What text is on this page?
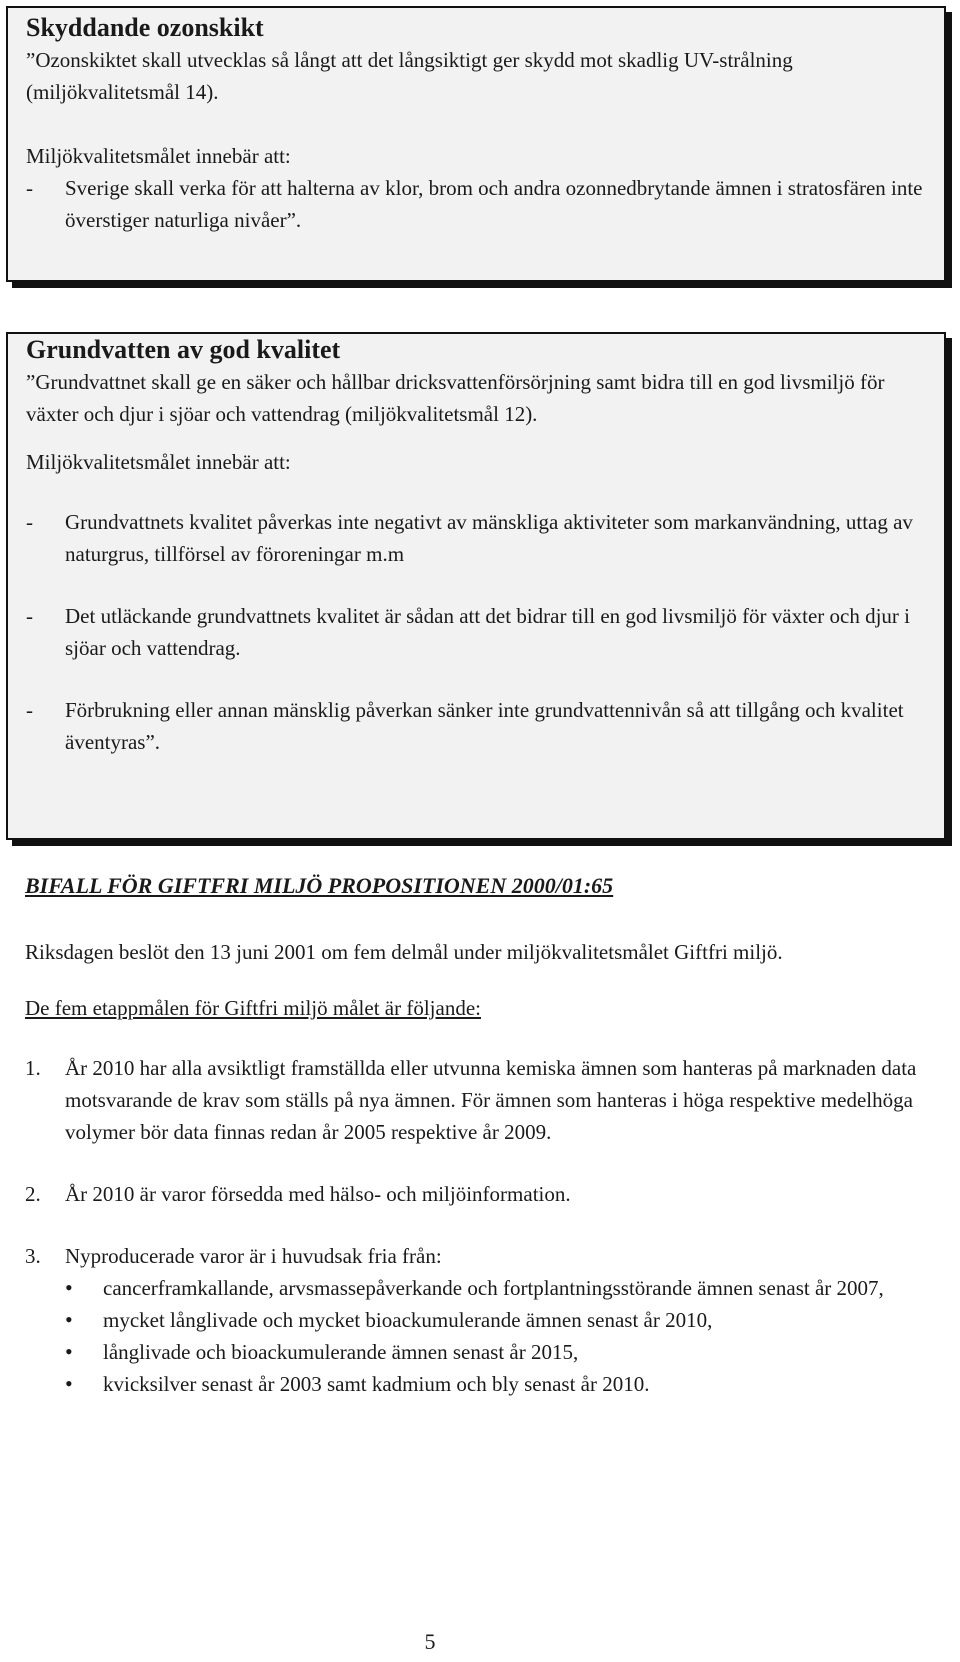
Skyddande ozonskikt

”Ozonskiktet skall utvecklas så långt att det långsiktigt ger skydd mot skadlig UV-strålning (miljökvalitetsmål 14).

Miljökvalitetsmålet innebär att:

-	Sverige skall verka för att halterna av klor, brom och andra ozonnedbrytande ämnen i stratosfären inte överstiger naturliga nivåer”.

Grundvatten av god kvalitet

”Grundvattnet skall ge en säker och hållbar dricksvattenförsörjning samt bidra till en god livsmiljö för växter och djur i sjöar och vattendrag (miljökvalitetsmål 12).

Miljökvalitetsmålet innebär att:

-	Grundvattnets kvalitet påverkas inte negativt av mänskliga aktiviteter som markanvändning, uttag av naturgrus, tillförsel av föroreningar m.m
-	Det utläckande grundvattnets kvalitet är sådan att det bidrar till en god livsmiljö för växter och djur i sjöar och vattendrag.
-	Förbrukning eller annan mänsklig påverkan sänker inte grundvattennivån så att tillgång och kvalitet äventyras”.

BIFALL FÖR GIFTFRI MILJÖ PROPOSITIONEN 2000/01:65

Riksdagen beslöt den 13 juni 2001 om fem delmål under miljökvalitetsmålet Giftfri miljö.

De fem etappmålen för Giftfri miljö målet är följande:

1.	År 2010 har alla avsiktligt framställda eller utvunna kemiska ämnen som hanteras på marknaden data motsvarande de krav som ställs på nya ämnen. För ämnen som hanteras i höga respektive medelhöga volymer bör data finnas redan år 2005 respektive år 2009.
2.	År 2010 är varor försedda med hälso- och miljöinformation.
3.	Nyproducerade varor är i huvudsak fria från:
•	cancerframkallande, arvsmassepåverkande och fortplantningsstörande ämnen senast år 2007,
•	mycket långlivade och mycket bioackumulerande ämnen senast år 2010,
•	långlivade och bioackumulerande ämnen senast år 2015,
•	kvicksilver senast år 2003 samt kadmium och bly senast år 2010.
5
